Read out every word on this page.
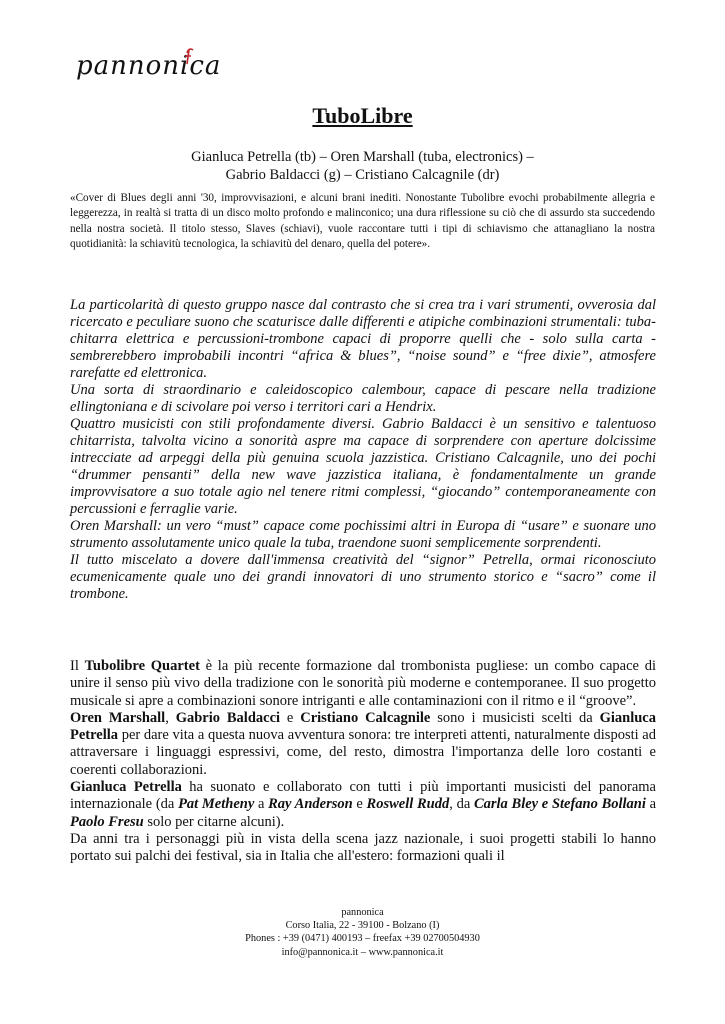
pannonica
TuboLibre
Gianluca Petrella (tb) – Oren Marshall (tuba, electronics) –
Gabrio Baldacci (g) – Cristiano Calcagnile (dr)
«Cover di Blues degli anni '30, improvvisazioni, e alcuni brani inediti. Nonostante Tubolibre evochi probabilmente allegria e leggerezza, in realtà si tratta di un disco molto profondo e malinconico; una dura riflessione su ciò che di assurdo sta succedendo nella nostra società. Il titolo stesso, Slaves (schiavi), vuole raccontare tutti i tipi di schiavismo che attanagliano la nostra quotidianità: la schiavitù tecnologica, la schiavitù del denaro, quella del potere».

La particolarità di questo gruppo nasce dal contrasto che si crea tra i vari strumenti, ovverosia dal ricercato e peculiare suono che scaturisce dalle differenti e atipiche combinazioni strumentali: tuba-chitarra elettrica e percussioni-trombone capaci di proporre quelli che - solo sulla carta - sembrerebbero improbabili incontri “africa & blues”, “noise sound” e “free dixie”, atmosfere rarefatte ed elettronica.

Una sorta di straordinario e caleidoscopico calembour, capace di pescare nella tradizione ellingtoniana e di scivolare poi verso i territori cari a Hendrix.

Quattro musicisti con stili profondamente diversi. Gabrio Baldacci è un sensitivo e talentuoso chitarrista, talvolta vicino a sonorità aspre ma capace di sorprendere con aperture dolcissime intrecciate ad arpeggi della più genuina scuola jazzistica. Cristiano Calcagnile, uno dei pochi “drummer pensanti” della new wave jazzistica italiana, è fondamentalmente un grande improvvisatore a suo totale agio nel tenere ritmi complessi, “giocando” contemporaneamente con percussioni e ferraglie varie.

Oren Marshall: un vero “must” capace come pochissimi altri in Europa di “usare” e suonare uno strumento assolutamente unico quale la tuba, traendone suoni semplicemente sorprendenti.

Il tutto miscelato a dovere dall'immensa creatività del “signor” Petrella, ormai riconosciuto ecumenicamente quale uno dei grandi innovatori di uno strumento storico e “sacro” come il trombone.

Il Tubolibre Quartet è la più recente formazione dal trombonista pugliese: un combo capace di unire il senso più vivo della tradizione con le sonorità più moderne e contemporanee. Il suo progetto musicale si apre a combinazioni sonore intriganti e alle contaminazioni con il ritmo e il “groove”.

Oren Marshall, Gabrio Baldacci e Cristiano Calcagnile sono i musicisti scelti da Gianluca Petrella per dare vita a questa nuova avventura sonora: tre interpreti attenti, naturalmente disposti ad attraversare i linguaggi espressivi, come, del resto, dimostra l'importanza delle loro costanti e coerenti collaborazioni.

Gianluca Petrella ha suonato e collaborato con tutti i più importanti musicisti del panorama internazionale (da Pat Metheny a Ray Anderson e Roswell Rudd, da Carla Bley e Stefano Bollani a Paolo Fresu solo per citarne alcuni).

Da anni tra i personaggi più in vista della scena jazz nazionale, i suoi progetti stabili lo hanno portato sui palchi dei festival, sia in Italia che all'estero: formazioni quali il

pannonica
Corso Italia, 22 - 39100 - Bolzano (I)
Phones : +39 (0471) 400193 – freefax +39 02700504930
info@pannonica.it – www.pannonica.it
